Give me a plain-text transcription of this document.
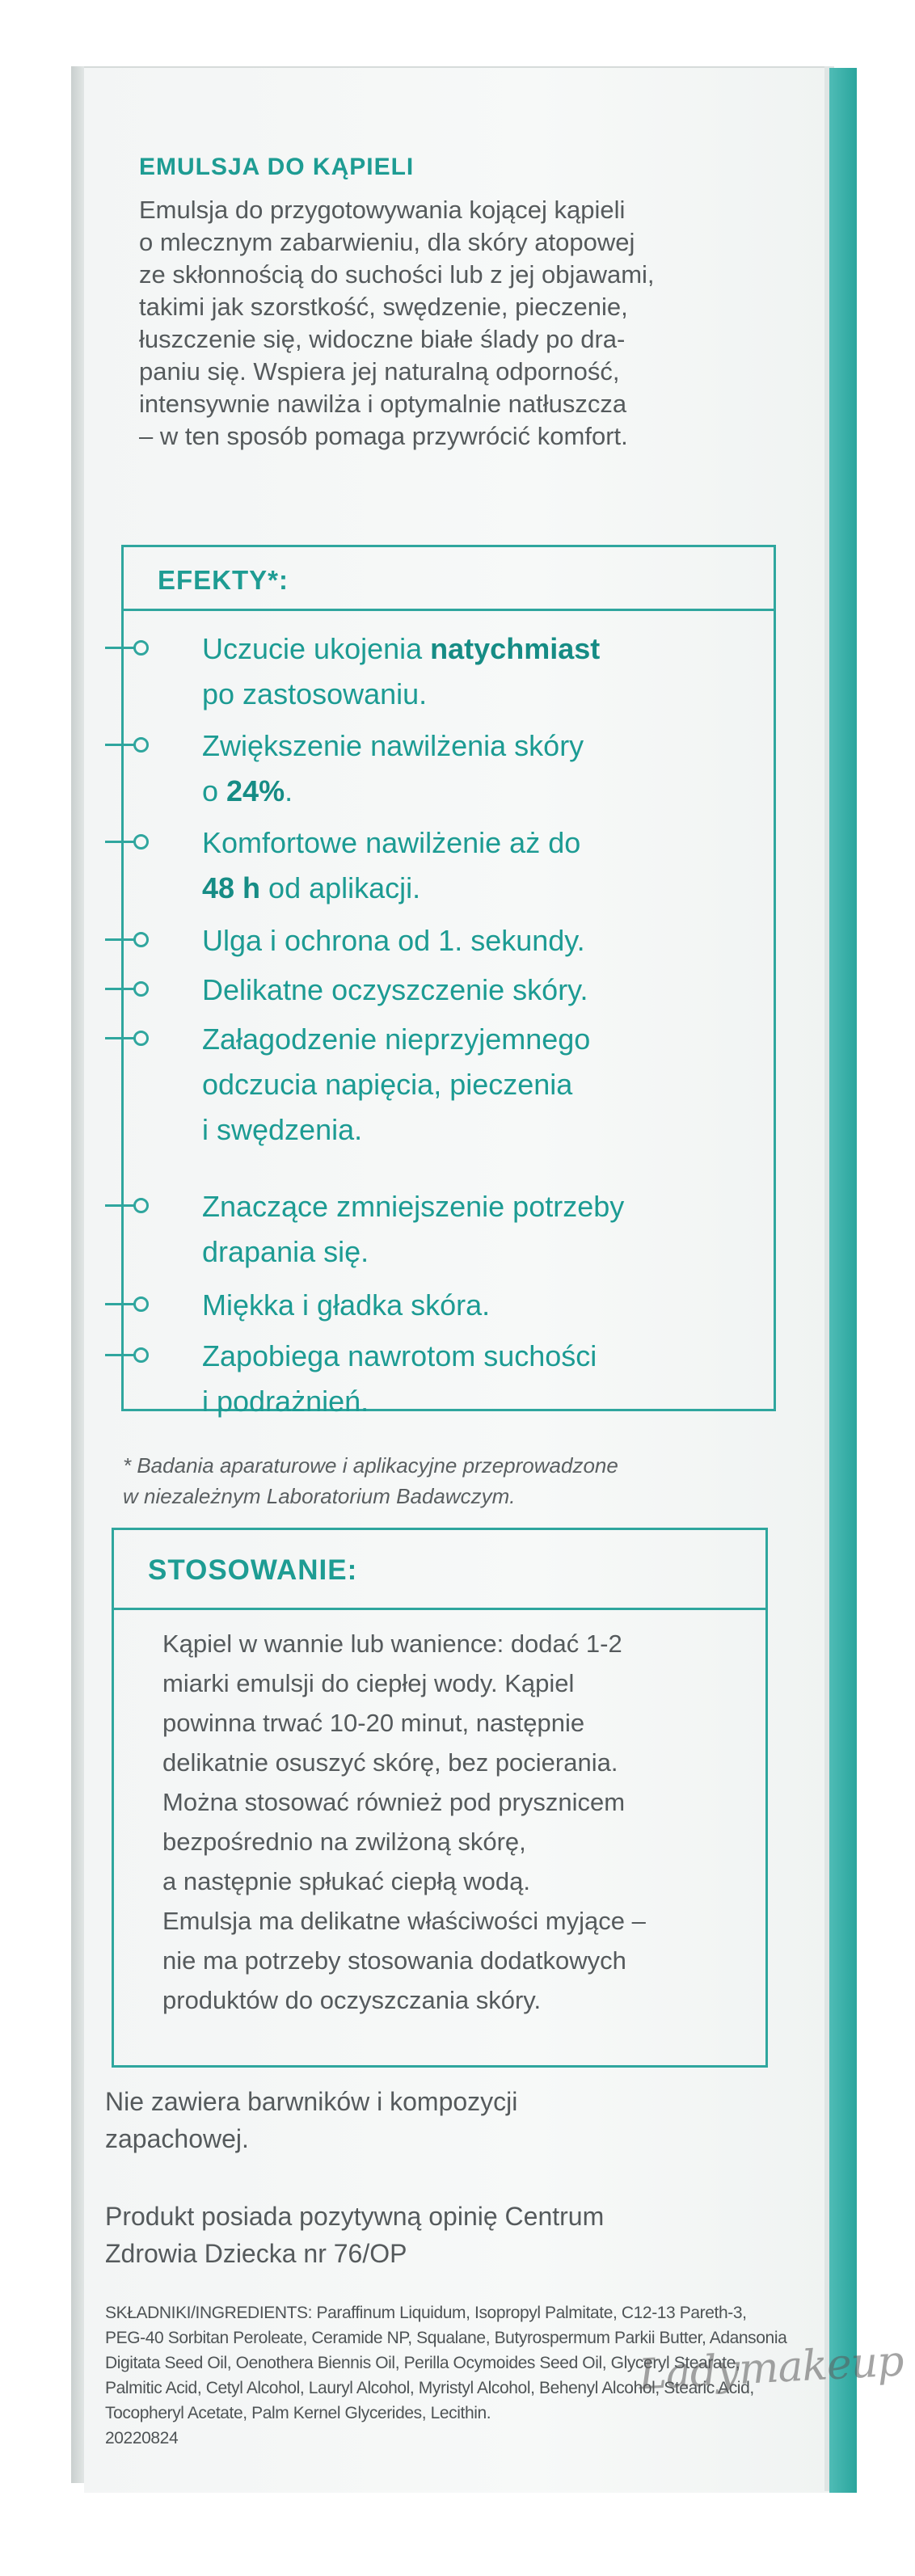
EMULSJA DO KĄPIELI
Emulsja do przygotowywania kojącej kąpieli
o mlecznym zabarwieniu, dla skóry atopowej
ze skłonnością do suchości lub z jej objawami,
takimi jak szorstkość, swędzenie, pieczenie,
łuszczenie się, widoczne białe ślady po dra-
paniu się. Wspiera jej naturalną odporność,
intensywnie nawilża i optymalnie natłuszcza
– w ten sposób pomaga przywrócić komfort.
EFEKTY*:
Uczucie ukojenia natychmiast
po zastosowaniu.
Zwiększenie nawilżenia skóry
o 24%.
Komfortowe nawilżenie aż do
48 h od aplikacji.
Ulga i ochrona od 1. sekundy.
Delikatne oczyszczenie skóry.
Załagodzenie nieprzyjemnego
odczucia napięcia, pieczenia
i swędzenia.
Znaczące zmniejszenie potrzeby
drapania się.
Miękka i gładka skóra.
Zapobiega nawrotom suchości
i podrażnień.
* Badania aparaturowe i aplikacyjne przeprowadzone
w niezależnym Laboratorium Badawczym.
STOSOWANIE:
Kąpiel w wannie lub wanience: dodać 1-2
miarki emulsji do ciepłej wody. Kąpiel
powinna trwać 10-20 minut, następnie
delikatnie osuszyć skórę, bez pocierania.
Można stosować również pod prysznicem
bezpośrednio na zwilżoną skórę,
a następnie spłukać ciepłą wodą.
Emulsja ma delikatne właściwości myjące –
nie ma potrzeby stosowania dodatkowych
produktów do oczyszczania skóry.
Nie zawiera barwników i kompozycji
zapachowej.
Produkt posiada pozytywną opinię Centrum
Zdrowia Dziecka nr 76/OP
SKŁADNIKI/INGREDIENTS: Paraffinum Liquidum, Isopropyl Palmitate, C12-13 Pareth-3,
PEG-40 Sorbitan Peroleate, Ceramide NP, Squalane, Butyrospermum Parkii Butter, Adansonia
Digitata Seed Oil, Oenothera Biennis Oil, Perilla Ocymoides Seed Oil, Glyceryl Stearate,
Palmitic Acid, Cetyl Alcohol, Lauryl Alcohol, Myristyl Alcohol, Behenyl Alcohol, Stearic Acid,
Tocopheryl Acetate, Palm Kernel Glycerides, Lecithin.
20220824
Ladymakeup
